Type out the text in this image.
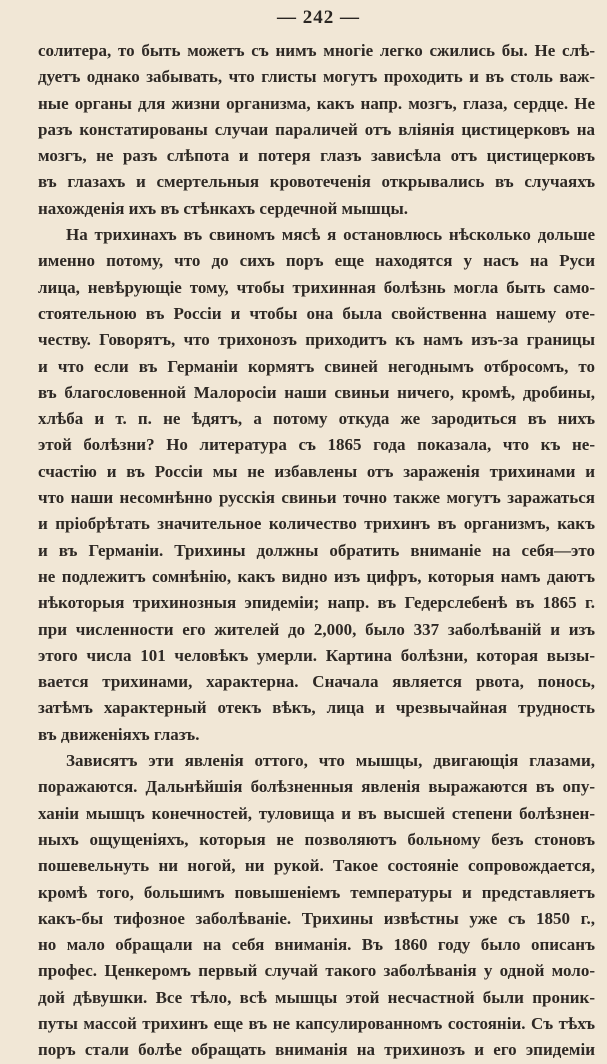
— 242 —
солитера, то быть можетъ съ нимъ многіе легко сжились бы. Не слѣ-
дуетъ однако забывать, что глисты могутъ проходить и въ столь важ-
ные органы для жизни организма, какъ напр. мозгъ, глаза, сердце. Не
разъ констатированы случаи параличей отъ вліянія цистицерковъ на
мозгъ, не разъ слѣпота и потеря глазъ зависѣла отъ цистицерковъ
въ глазахъ и смертельныя кровотеченія открывались въ случаяхъ
нахожденія ихъ въ стѣнкахъ сердечной мышцы.
На трихинахъ въ свиномъ мясѣ я остановлюсь нѣсколько дольше
именно потому, что до сихъ поръ еще находятся у насъ на Руси
лица, невѣрующіе тому, чтобы трихинная болѣзнь могла быть само-
стоятельною въ Россіи и чтобы она была свойственна нашему оте-
честву. Говорятъ, что трихонозъ приходитъ къ намъ изъ-за границы
и что если въ Германіи кормятъ свиней негоднымъ отбросомъ, то
въ благословенной Малоросіи наши свиньи ничего, кромѣ, дробины,
хлѣба и т. п. не ѣдятъ, а потому откуда же зародиться въ нихъ
этой болѣзни? Но литература съ 1865 года показала, что къ не-
счастію и въ Россіи мы не избавлены отъ зараженія трихинами и
что наши несомнѣнно русскія свиньи точно также могутъ заражаться
и пріобрѣтать значительное количество трихинъ въ организмъ, какъ
и въ Германіи. Трихины должны обратить вниманіе на себя—это
не подлежитъ сомнѣнію, какъ видно изъ цифръ, которыя намъ даютъ
нѣкоторыя трихинозныя эпидеміи; напр. въ Гедерслебенѣ въ 1865 г.
при численности его жителей до 2,000, было 337 заболѣваній и изъ
этого числа 101 человѣкъ умерли. Картина болѣзни, которая вызы-
вается трихинами, характерна. Сначала является рвота, понось,
затѣмъ характерный отекъ вѣкъ, лица и чрезвычайная трудность
въ движеніяхъ глазъ.
Зависятъ эти явленія оттого, что мышцы, двигающія глазами,
поражаются. Дальнѣйшія болѣзненныя явленія выражаются въ опу-
ханіи мышцъ конечностей, туловища и въ высшей степени болѣзнен-
ныхъ ощущеніяхъ, которыя не позволяютъ больному безъ стоновъ
пошевельнуть ни ногой, ни рукой. Такое состояніе сопровождается,
кромѣ того, большимъ повышеніемъ температуры и представляетъ
какъ-бы тифозное заболѣваніе. Трихины извѣстны уже съ 1850 г.,
но мало обращали на себя вниманія. Въ 1860 году было описанъ
профес. Ценкеромъ первый случай такого заболѣванія у одной моло-
дой дѣвушки. Все тѣло, всѣ мышцы этой несчастной были проник-
путы массой трихинъ еще въ не капсулированномъ состояніи. Съ тѣхъ
поръ стали болѣе обращать вниманія на трихинозъ и его эпидеміи
